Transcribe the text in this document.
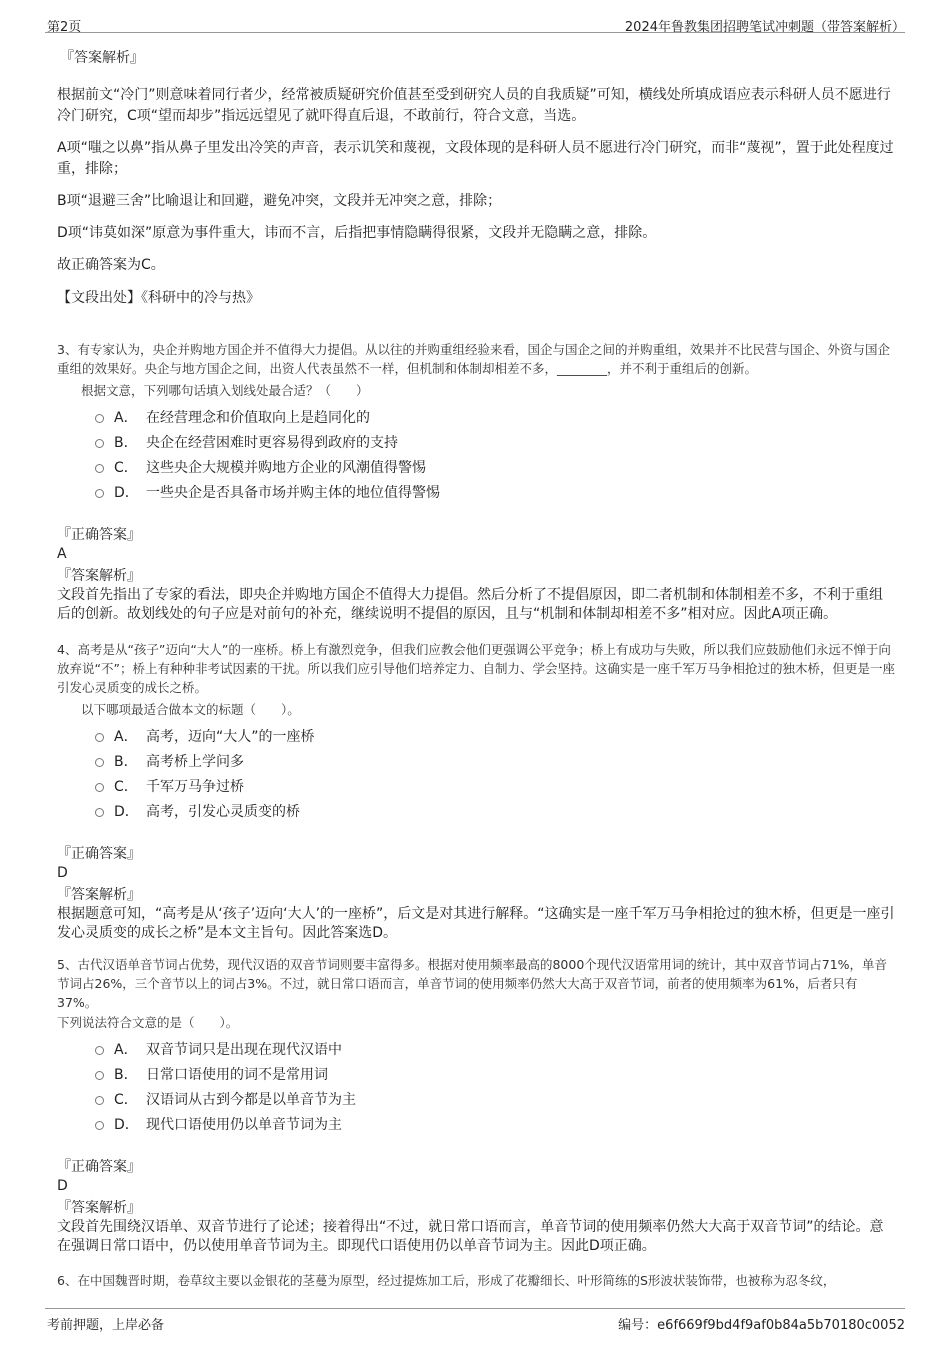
第2页	2024年鲁教集团招聘笔试冲刺题（带答案解析）

『答案解析』

根据前文“冷门”则意味着同行者少，经常被质疑研究价值甚至受到研究人员的自我质疑”可知，横线处所填成语应表示科研人员不愿进行冷门研究，C项“望而却步”指远远望见了就吓得直后退，不敢前行，符合文意，当选。

A项“嗤之以鼻”指从鼻子里发出冷笑的声音，表示讥笑和蔑视，文段体现的是科研人员不愿进行冷门研究，而非“蔑视”，置于此处程度过重，排除；

B项“退避三舍”比喻退让和回避，避免冲突，文段并无冲突之意，排除；

D项“讳莫如深”原意为事件重大，讳而不言，后指把事情隐瞒得很紧，文段并无隐瞒之意，排除。

故正确答案为C。

【文段出处】《科研中的冷与热》

3、有专家认为，央企并购地方国企并不值得大力提倡。从以往的并购重组经验来看，国企与国企之间的并购重组，效果并不比民营与国企、外资与国企重组的效果好。央企与地方国企之间，出资人代表虽然不一样，但机制和体制却相差不多，________，并不利于重组后的创新。

根据文意，下列哪句话填入划线处最合适？（　　）

A． 在经营理念和价值取向上是趋同化的
B． 央企在经营困难时更容易得到政府的支持
C． 这些央企大规模并购地方企业的风潮值得警惕
D． 一些央企是否具备市场并购主体的地位值得警惕

『正确答案』

A

『答案解析』

文段首先指出了专家的看法，即央企并购地方国企不值得大力提倡。然后分析了不提倡原因，即二者机制和体制相差不多，不利于重组后的创新。故划线处的句子应是对前句的补充，继续说明不提倡的原因，且与“机制和体制却相差不多”相对应。因此A项正确。

4、高考是从“孩子”迈向“大人”的一座桥。桥上有激烈竞争，但我们应教会他们更强调公平竞争；桥上有成功与失败，所以我们应鼓励他们永远不惮于向放弃说“不”；桥上有种种非考试因素的干扰。所以我们应引导他们培养定力、自制力、学会坚持。这确实是一座千军万马争相抢过的独木桥，但更是一座引发心灵质变的成长之桥。

以下哪项最适合做本文的标题（　　）。

A． 高考，迈向“大人”的一座桥
B． 高考桥上学问多
C． 千军万马争过桥
D． 高考，引发心灵质变的桥

『正确答案』

D

『答案解析』

根据题意可知，“高考是从‘孩子’迈向‘大人’的一座桥”，后文是对其进行解释。“这确实是一座千军万马争相抢过的独木桥，但更是一座引发心灵质变的成长之桥”是本文主旨句。因此答案选D。

5、古代汉语单音节词占优势，现代汉语的双音节词则要丰富得多。根据对使用频率最高的8000个现代汉语常用词的统计，其中双音节词占71%，单音节词占26%，三个音节以上的词占3%。不过，就日常口语而言，单音节词的使用频率仍然大大高于双音节词，前者的使用频率为61%，后者只有37%。

下列说法符合文意的是（　　）。

A． 双音节词只是出现在现代汉语中
B． 日常口语使用的词不是常用词
C． 汉语词从古到今都是以单音节为主
D． 现代口语使用仍以单音节词为主

『正确答案』

D

『答案解析』

文段首先围绕汉语单、双音节进行了论述；接着得出“不过，就日常口语而言，单音节词的使用频率仍然大大高于双音节词”的结论。意在强调日常口语中，仍以使用单音节词为主。即现代口语使用仍以单音节词为主。因此D项正确。

6、在中国魏晋时期，卷草纹主要以金银花的茎蔓为原型，经过提炼加工后，形成了花瓣细长、叶形简练的S形波状装饰带，也被称为忍冬纹，

考前押题，上岸必备	编号：e6f669f9bd4f9af0b84a5b70180c0052
